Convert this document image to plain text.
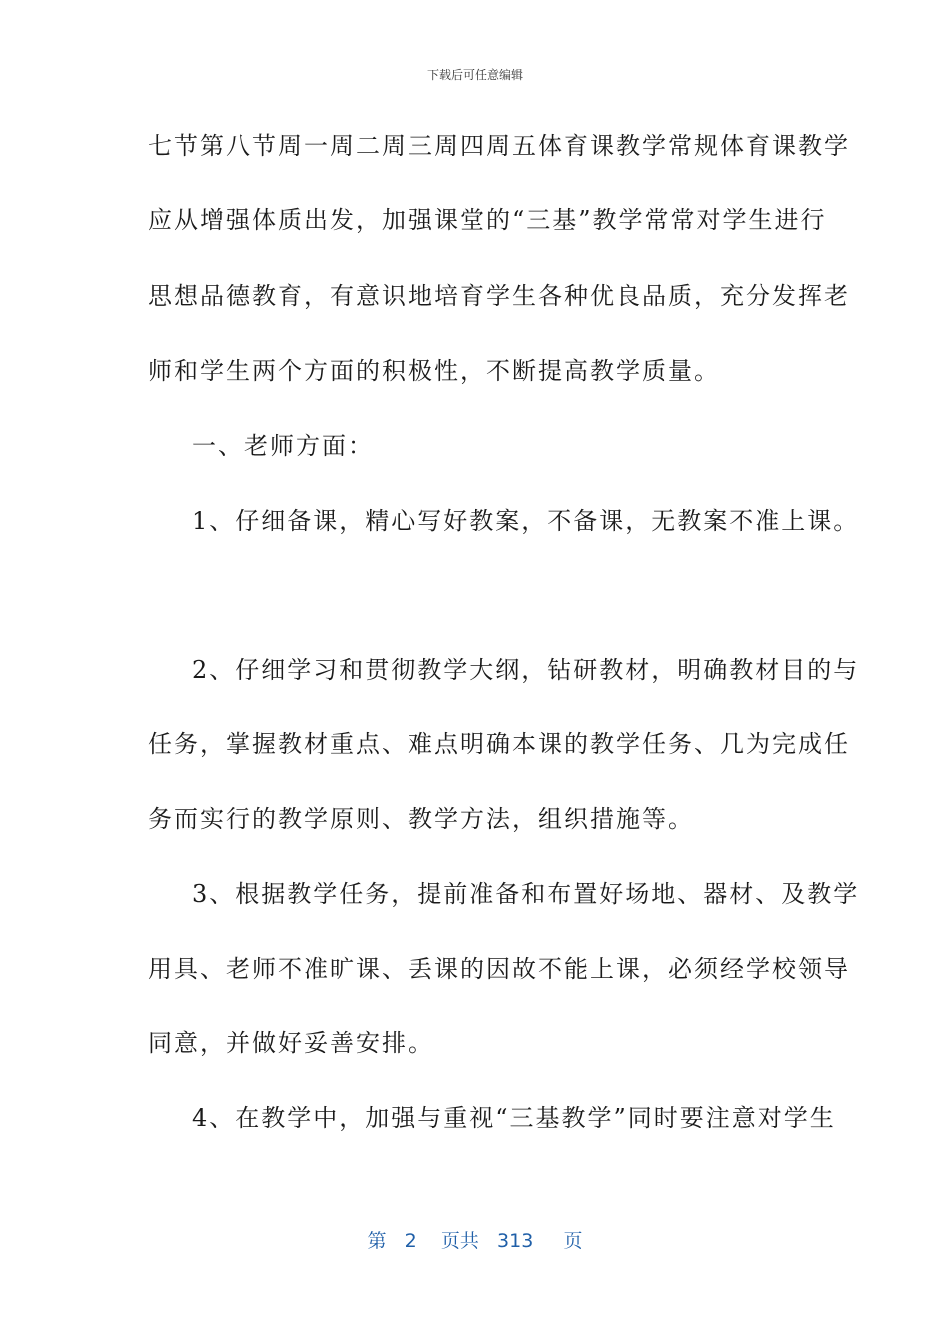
下载后可任意编辑
七节第八节周一周二周三周四周五体育课教学常规体育课教学
应从增强体质出发，加强课堂的“三基”教学常常对学生进行
思想品德教育，有意识地培育学生各种优良品质，充分发挥老
师和学生两个方面的积极性，不断提高教学质量。
一、老师方面：
1、仔细备课，精心写好教案，不备课，无教案不准上课。
2、仔细学习和贯彻教学大纲，钻研教材，明确教材目的与
任务，掌握教材重点、难点明确本课的教学任务、几为完成任
务而实行的教学原则、教学方法，组织措施等。
3、根据教学任务，提前准备和布置好场地、器材、及教学
用具、老师不准旷课、丢课的因故不能上课，必须经学校领导
同意，并做好妥善安排。
4、在教学中，加强与重视“三基教学”同时要注意对学生
第 2 页共 313 页
